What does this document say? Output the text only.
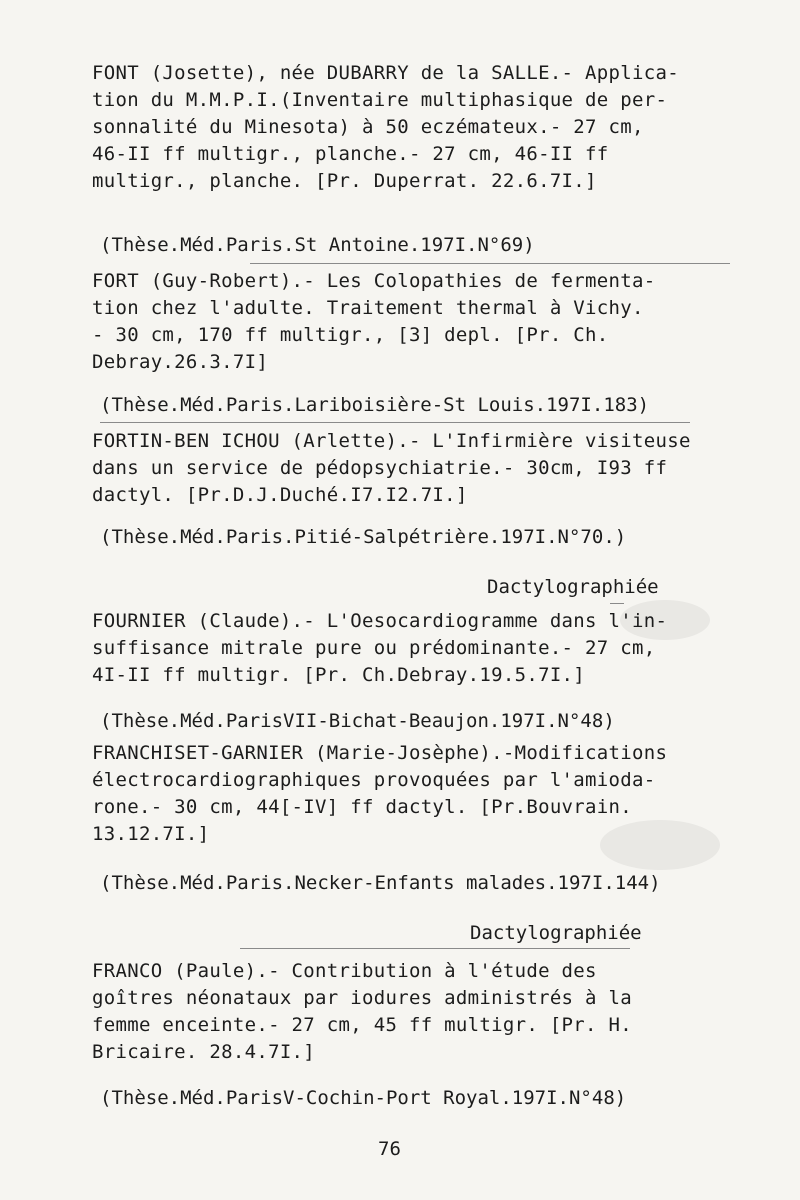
FONT (Josette), née DUBARRY de la SALLE.- Applica-

tion du M.M.P.I.(Inventaire multiphasique de per-

sonnalité du Minesota) à 50 eczémateux.- 27 cm,

46-II ff multigr., planche.- 27 cm, 46-II ff

multigr., planche. [Pr. Duperrat. 22.6.7I.]

(Thèse.Méd.Paris.St Antoine.197I.N°69)

FORT (Guy-Robert).- Les Colopathies de fermenta-

tion chez l'adulte. Traitement thermal à Vichy.

- 30 cm, 170 ff multigr., [3] depl. [Pr. Ch.

Debray.26.3.7I]

(Thèse.Méd.Paris.Lariboisière-St Louis.197I.183)

FORTIN-BEN ICHOU (Arlette).- L'Infirmière visiteuse

dans un service de pédopsychiatrie.- 30cm, I93 ff

dactyl. [Pr.D.J.Duché.I7.I2.7I.]

(Thèse.Méd.Paris.Pitié-Salpétrière.197I.N°70.)
Dactylographiée

FOURNIER (Claude).- L'Oesocardiogramme dans l'in-

suffisance mitrale pure ou prédominante.- 27 cm,

4I-II ff multigr. [Pr. Ch.Debray.19.5.7I.]

(Thèse.Méd.ParisVII-Bichat-Beaujon.197I.N°48)

FRANCHISET-GARNIER (Marie-Josèphe).-Modifications

électrocardiographiques provoquées par l'amioda-

rone.- 30 cm, 44[-IV] ff dactyl. [Pr.Bouvrain.

13.12.7I.]

(Thèse.Méd.Paris.Necker-Enfants malades.197I.144)
Dactylographiée

FRANCO (Paule).- Contribution à l'étude des

goîtres néonataux par iodures administrés à la

femme enceinte.- 27 cm, 45 ff multigr. [Pr. H.

Bricaire. 28.4.7I.]

(Thèse.Méd.ParisV-Cochin-Port Royal.197I.N°48)
76
